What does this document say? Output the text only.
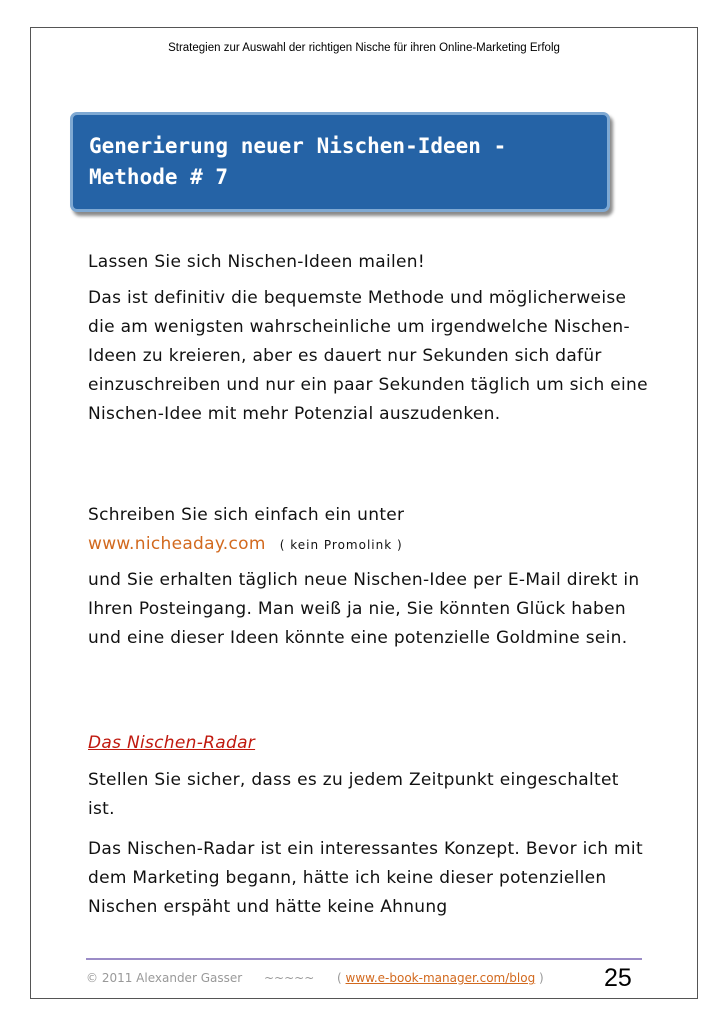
Strategien zur Auswahl der richtigen Nische für ihren Online-Marketing Erfolg
Generierung neuer Nischen-Ideen - Methode # 7

Lassen Sie sich Nischen-Ideen mailen!

Das ist definitiv die bequemste Methode und möglicherweise die am wenigsten wahrscheinliche um irgendwelche Nischen-Ideen zu kreieren, aber es dauert nur Sekunden sich dafür einzuschreiben und nur ein paar Sekunden täglich um sich eine Nischen-Idee mit mehr Potenzial auszudenken.

Schreiben Sie sich einfach ein unter
www.nicheaday.com ( kein Promolink )

und Sie erhalten täglich neue Nischen-Idee per E-Mail direkt in Ihren Posteingang. Man weiß ja nie, Sie könnten Glück haben und eine dieser Ideen könnte eine potenzielle Goldmine sein.

Das Nischen-Radar

Stellen Sie sicher, dass es zu jedem Zeitpunkt eingeschaltet ist.

Das Nischen-Radar ist ein interessantes Konzept. Bevor ich mit dem Marketing begann, hätte ich keine dieser potenziellen Nischen erspäht und hätte keine Ahnung

© 2011 Alexander Gasser ~~~~~ ( www.e-book-manager.com/blog ) 25
